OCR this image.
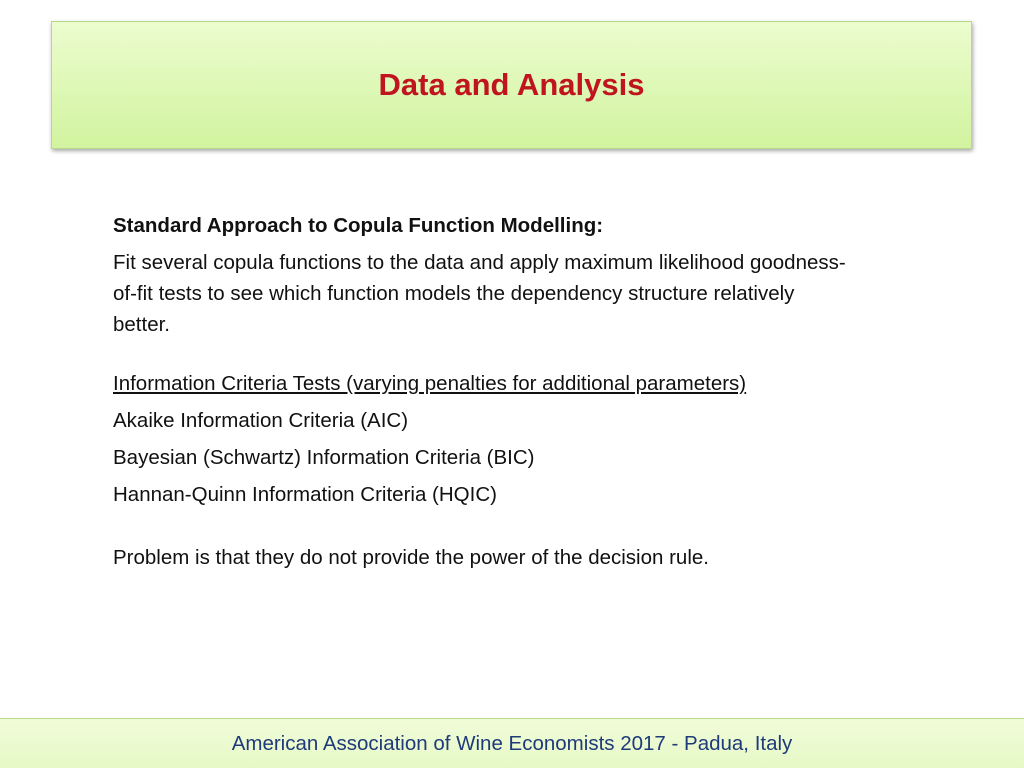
Data and Analysis
Standard Approach to Copula Function Modelling:
Fit several copula functions to the data and apply maximum likelihood goodness-
of-fit tests to see which function models the dependency structure relatively
better.
Information Criteria Tests (varying penalties for additional parameters)
Akaike Information Criteria (AIC)
Bayesian (Schwartz) Information Criteria (BIC)
Hannan-Quinn Information Criteria (HQIC)
Problem is that they do not provide the power of the decision rule.
American Association of Wine Economists 2017 - Padua, Italy
